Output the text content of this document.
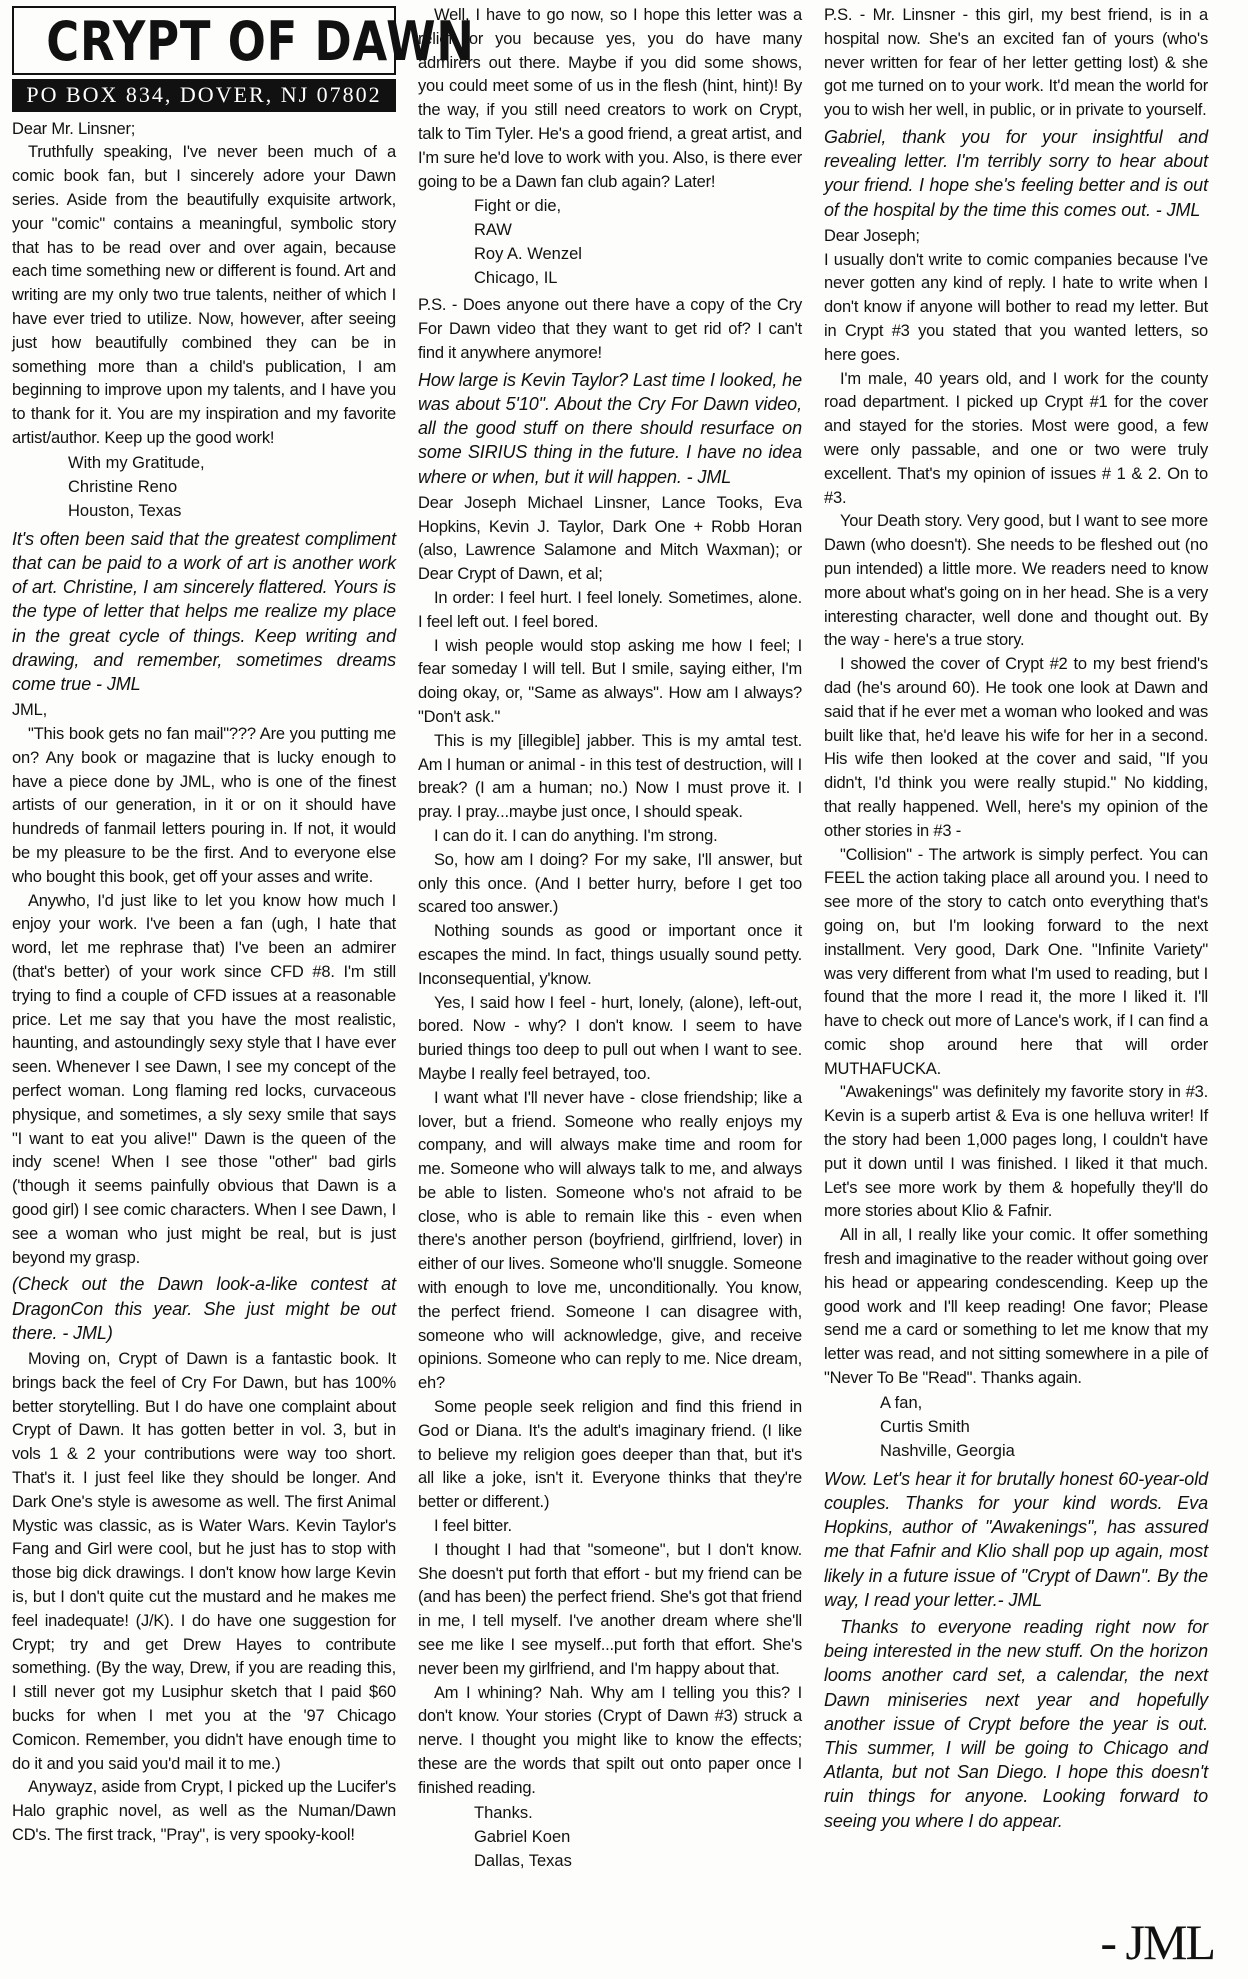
CRYPT OF DAWN
PO BOX 834, DOVER, NJ 07802

Dear Mr. Linsner;

Truthfully speaking, I've never been much of a comic book fan, but I sincerely adore your Dawn series. Aside from the beautifully exquisite artwork, your "comic" contains a meaningful, symbolic story that has to be read over and over again, because each time something new or different is found. Art and writing are my only two true talents, neither of which I have ever tried to utilize. Now, however, after seeing just how beautifully combined they can be in something more than a child's publication, I am beginning to improve upon my talents, and I have you to thank for it. You are my inspiration and my favorite artist/author. Keep up the good work!

With my Gratitude,
Christine Reno
Houston, Texas

It's often been said that the greatest compliment that can be paid to a work of art is another work of art. Christine, I am sincerely flattered. Yours is the type of letter that helps me realize my place in the great cycle of things. Keep writing and drawing, and remember, sometimes dreams come true - JML

JML,

"This book gets no fan mail"??? Are you putting me on? Any book or magazine that is lucky enough to have a piece done by JML, who is one of the finest artists of our generation, in it or on it should have hundreds of fanmail letters pouring in. If not, it would be my pleasure to be the first. And to everyone else who bought this book, get off your asses and write.

Anywho, I'd just like to let you know how much I enjoy your work. I've been a fan (ugh, I hate that word, let me rephrase that) I've been an admirer (that's better) of your work since CFD #8. I'm still trying to find a couple of CFD issues at a reasonable price. Let me say that you have the most realistic, haunting, and astoundingly sexy style that I have ever seen. Whenever I see Dawn, I see my concept of the perfect woman. Long flaming red locks, curvaceous physique, and sometimes, a sly sexy smile that says "I want to eat you alive!" Dawn is the queen of the indy scene! When I see those "other" bad girls ('though it seems painfully obvious that Dawn is a good girl) I see comic characters. When I see Dawn, I see a woman who just might be real, but is just beyond my grasp.

(Check out the Dawn look-a-like contest at DragonCon this year. She just might be out there. - JML)

Moving on, Crypt of Dawn is a fantastic book. It brings back the feel of Cry For Dawn, but has 100% better storytelling. But I do have one complaint about Crypt of Dawn. It has gotten better in vol. 3, but in vols 1 & 2 your contributions were way too short. That's it. I just feel like they should be longer. And Dark One's style is awesome as well. The first Animal Mystic was classic, as is Water Wars. Kevin Taylor's Fang and Girl were cool, but he just has to stop with those big dick drawings. I don't know how large Kevin is, but I don't quite cut the mustard and he makes me feel inadequate! (J/K). I do have one suggestion for Crypt; try and get Drew Hayes to contribute something. (By the way, Drew, if you are reading this, I still never got my Lusiphur sketch that I paid $60 bucks for when I met you at the '97 Chicago Comicon. Remember, you didn't have enough time to do it and you said you'd mail it to me.)

Anywayz, aside from Crypt, I picked up the Lucifer's Halo graphic novel, as well as the Numan/Dawn CD's. The first track, "Pray", is very spooky-kool!

Well, I have to go now, so I hope this letter was a relief for you because yes, you do have many admirers out there. Maybe if you did some shows, you could meet some of us in the flesh (hint, hint)! By the way, if you still need creators to work on Crypt, talk to Tim Tyler. He's a good friend, a great artist, and I'm sure he'd love to work with you. Also, is there ever going to be a Dawn fan club again? Later!

Fight or die,
RAW
Roy A. Wenzel
Chicago, IL

P.S. - Does anyone out there have a copy of the Cry For Dawn video that they want to get rid of? I can't find it anywhere anymore!

How large is Kevin Taylor? Last time I looked, he was about 5'10". About the Cry For Dawn video, all the good stuff on there should resurface on some SIRIUS thing in the future. I have no idea where or when, but it will happen. - JML

Dear Joseph Michael Linsner, Lance Tooks, Eva Hopkins, Kevin J. Taylor, Dark One + Robb Horan (also, Lawrence Salamone and Mitch Waxman); or Dear Crypt of Dawn, et al;

In order: I feel hurt. I feel lonely. Sometimes, alone. I feel left out. I feel bored.

I wish people would stop asking me how I feel; I fear someday I will tell. But I smile, saying either, I'm doing okay, or, "Same as always". How am I always? "Don't ask."

This is my [illegible] jabber. This is my amtal test. Am I human or animal - in this test of destruction, will I break? (I am a human; no.) Now I must prove it. I pray. I pray...maybe just once, I should speak.

I can do it. I can do anything. I'm strong.

So, how am I doing? For my sake, I'll answer, but only this once. (And I better hurry, before I get too scared too answer.)

Nothing sounds as good or important once it escapes the mind. In fact, things usually sound petty. Inconsequential, y'know.

Yes, I said how I feel - hurt, lonely, (alone), left-out, bored. Now - why? I don't know. I seem to have buried things too deep to pull out when I want to see. Maybe I really feel betrayed, too.

I want what I'll never have - close friendship; like a lover, but a friend. Someone who really enjoys my company, and will always make time and room for me. Someone who will always talk to me, and always be able to listen. Someone who's not afraid to be close, who is able to remain like this - even when there's another person (boyfriend, girlfriend, lover) in either of our lives. Someone who'll snuggle. Someone with enough to love me, unconditionally. You know, the perfect friend. Someone I can disagree with, someone who will acknowledge, give, and receive opinions. Someone who can reply to me. Nice dream, eh?

Some people seek religion and find this friend in God or Diana. It's the adult's imaginary friend. (I like to believe my religion goes deeper than that, but it's all like a joke, isn't it. Everyone thinks that they're better or different.)

I feel bitter.

I thought I had that "someone", but I don't know. She doesn't put forth that effort - but my friend can be (and has been) the perfect friend. She's got that friend in me, I tell myself. I've another dream where she'll see me like I see myself...put forth that effort. She's never been my girlfriend, and I'm happy about that.

Am I whining? Nah. Why am I telling you this? I don't know. Your stories (Crypt of Dawn #3) struck a nerve. I thought you might like to know the effects; these are the words that spilt out onto paper once I finished reading.

Thanks.
Gabriel Koen
Dallas, Texas

P.S. - Mr. Linsner - this girl, my best friend, is in a hospital now. She's an excited fan of yours (who's never written for fear of her letter getting lost) & she got me turned on to your work. It'd mean the world for you to wish her well, in public, or in private to yourself.

Gabriel, thank you for your insightful and revealing letter. I'm terribly sorry to hear about your friend. I hope she's feeling better and is out of the hospital by the time this comes out. - JML

Dear Joseph;

I usually don't write to comic companies because I've never gotten any kind of reply. I hate to write when I don't know if anyone will bother to read my letter. But in Crypt #3 you stated that you wanted letters, so here goes.

I'm male, 40 years old, and I work for the county road department. I picked up Crypt #1 for the cover and stayed for the stories. Most were good, a few were only passable, and one or two were truly excellent. That's my opinion of issues # 1 & 2. On to #3.

Your Death story. Very good, but I want to see more Dawn (who doesn't). She needs to be fleshed out (no pun intended) a little more. We readers need to know more about what's going on in her head. She is a very interesting character, well done and thought out. By the way - here's a true story.

I showed the cover of Crypt #2 to my best friend's dad (he's around 60). He took one look at Dawn and said that if he ever met a woman who looked and was built like that, he'd leave his wife for her in a second. His wife then looked at the cover and said, "If you didn't, I'd think you were really stupid." No kidding, that really happened. Well, here's my opinion of the other stories in #3 -

"Collision" - The artwork is simply perfect. You can FEEL the action taking place all around you. I need to see more of the story to catch onto everything that's going on, but I'm looking forward to the next installment. Very good, Dark One. "Infinite Variety" was very different from what I'm used to reading, but I found that the more I read it, the more I liked it. I'll have to check out more of Lance's work, if I can find a comic shop around here that will order MUTHAFUCKA.

"Awakenings" was definitely my favorite story in #3. Kevin is a superb artist & Eva is one helluva writer! If the story had been 1,000 pages long, I couldn't have put it down until I was finished. I liked it that much. Let's see more work by them & hopefully they'll do more stories about Klio & Fafnir.

All in all, I really like your comic. It offer something fresh and imaginative to the reader without going over his head or appearing condescending. Keep up the good work and I'll keep reading! One favor; Please send me a card or something to let me know that my letter was read, and not sitting somewhere in a pile of "Never To Be "Read". Thanks again.

A fan,
Curtis Smith
Nashville, Georgia

Wow. Let's hear it for brutally honest 60-year-old couples. Thanks for your kind words. Eva Hopkins, author of "Awakenings", has assured me that Fafnir and Klio shall pop up again, most likely in a future issue of "Crypt of Dawn". By the way, I read your letter.- JML

Thanks to everyone reading right now for being interested in the new stuff. On the horizon looms another card set, a calendar, the next Dawn miniseries next year and hopefully another issue of Crypt before the year is out. This summer, I will be going to Chicago and Atlanta, but not San Diego. I hope this doesn't ruin things for anyone. Looking forward to seeing you where I do appear.

- JML
